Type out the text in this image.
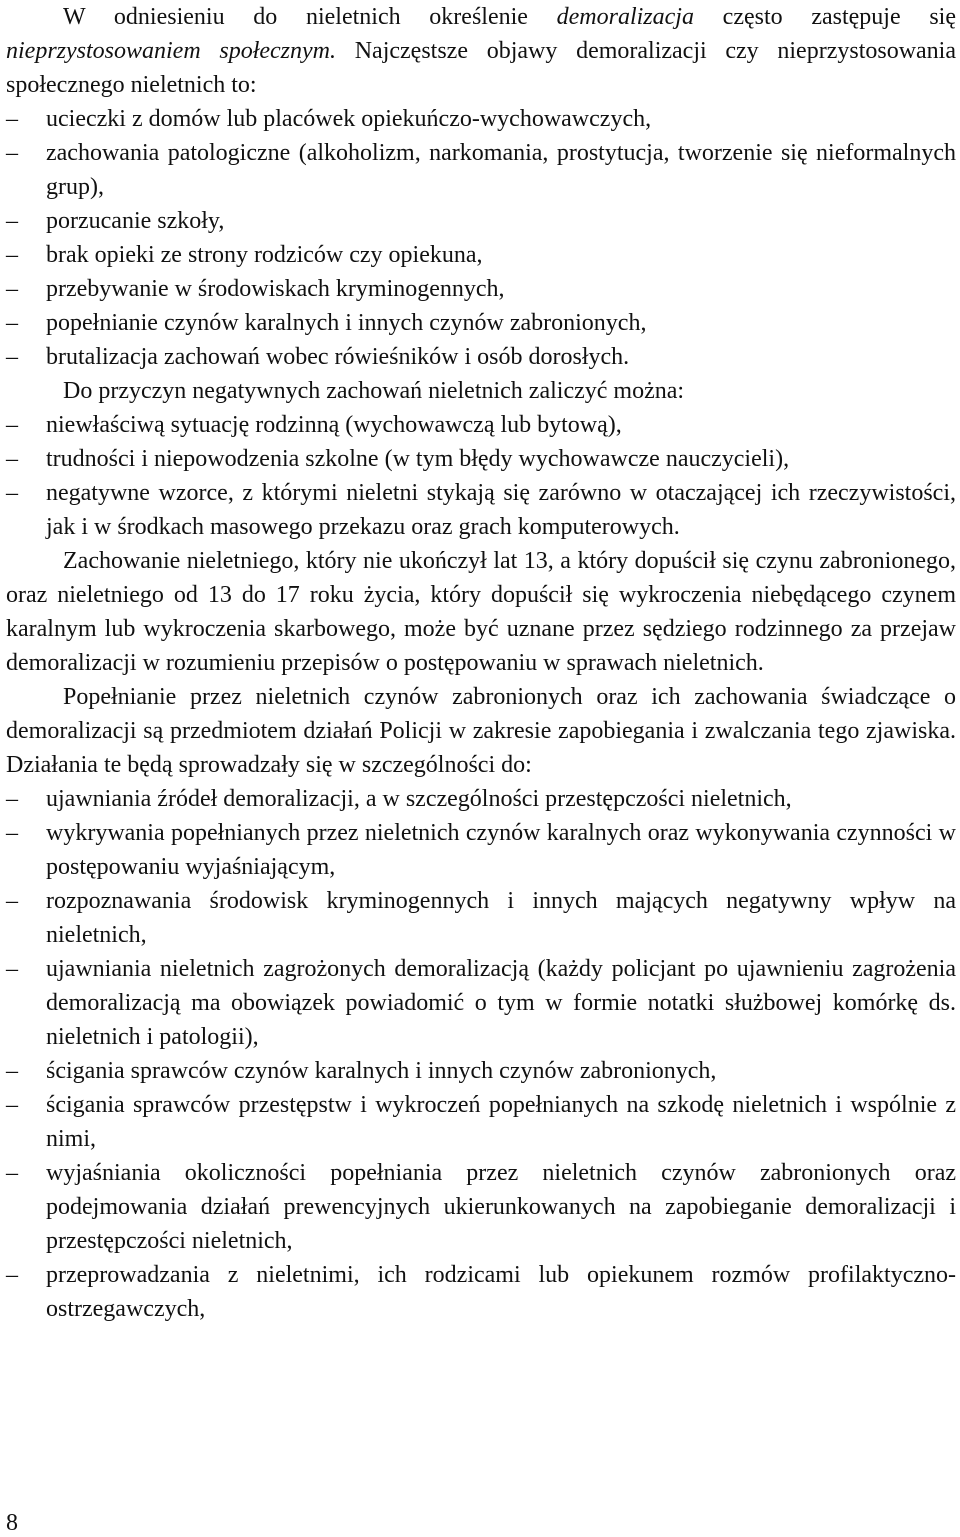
W odniesieniu do nieletnich określenie demoralizacja często zastępuje się nieprzystosowaniem społecznym. Najczęstsze objawy demoralizacji czy nieprzystosowania społecznego nieletnich to:

– ucieczki z domów lub placówek opiekuńczo-wychowawczych,
– zachowania patologiczne (alkoholizm, narkomania, prostytucja, tworzenie się nieformalnych grup),
– porzucanie szkoły,
– brak opieki ze strony rodziców czy opiekuna,
– przebywanie w środowiskach kryminogennych,
– popełnianie czynów karalnych i innych czynów zabronionych,
– brutalizacja zachowań wobec rówieśników i osób dorosłych.

Do przyczyn negatywnych zachowań nieletnich zaliczyć można:

– niewłaściwą sytuację rodzinną (wychowawczą lub bytową),
– trudności i niepowodzenia szkolne (w tym błędy wychowawcze nauczycieli),
– negatywne wzorce, z którymi nieletni stykają się zarówno w otaczającej ich rzeczywistości, jak i w środkach masowego przekazu oraz grach komputerowych.

Zachowanie nieletniego, który nie ukończył lat 13, a który dopuścił się czynu zabronionego, oraz nieletniego od 13 do 17 roku życia, który dopuścił się wykroczenia niebędącego czynem karalnym lub wykroczenia skarbowego, może być uznane przez sędziego rodzinnego za przejaw demoralizacji w rozumieniu przepisów o postępowaniu w sprawach nieletnich.

Popełnianie przez nieletnich czynów zabronionych oraz ich zachowania świadczące o demoralizacji są przedmiotem działań Policji w zakresie zapobiegania i zwalczania tego zjawiska. Działania te będą sprowadzały się w szczególności do:

– ujawniania źródeł demoralizacji, a w szczególności przestępczości nieletnich,
– wykrywania popełnianych przez nieletnich czynów karalnych oraz wykonywania czynności w postępowaniu wyjaśniającym,
– rozpoznawania środowisk kryminogennych i innych mających negatywny wpływ na nieletnich,
– ujawniania nieletnich zagrożonych demoralizacją (każdy policjant po ujawnieniu zagrożenia demoralizacją ma obowiązek powiadomić o tym w formie notatki służbowej komórkę ds. nieletnich i patologii),
– ścigania sprawców czynów karalnych i innych czynów zabronionych,
– ścigania sprawców przestępstw i wykroczeń popełnianych na szkodę nieletnich i wspólnie z nimi,
– wyjaśniania okoliczności popełniania przez nieletnich czynów zabronionych oraz podejmowania działań prewencyjnych ukierunkowanych na zapobieganie demoralizacji i przestępczości nieletnich,
– przeprowadzania z nieletnimi, ich rodzicami lub opiekunem rozmów profilaktyczno-ostrzegawczych,
8
